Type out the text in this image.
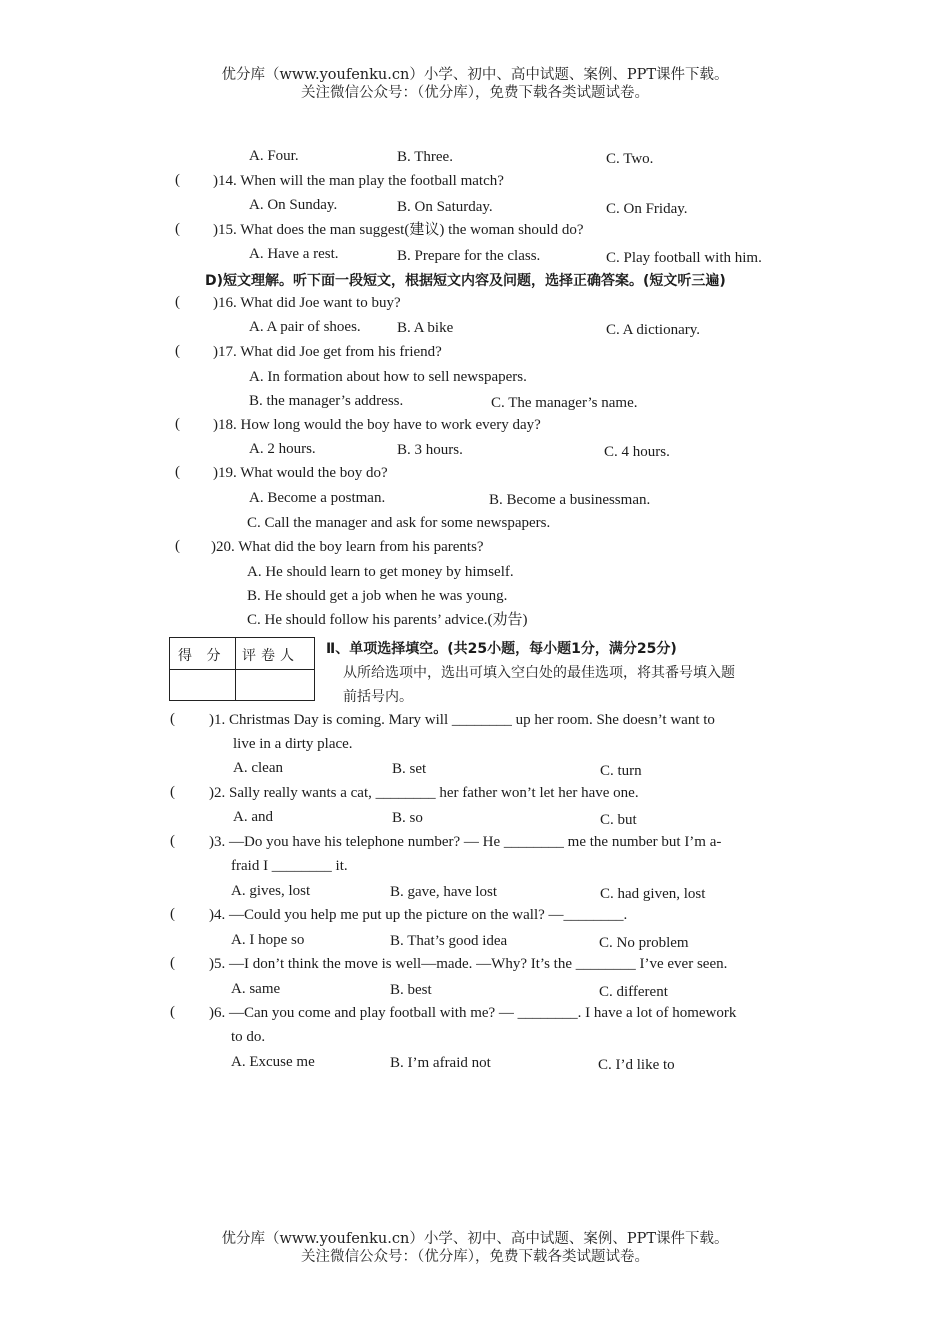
优分库（www.youfenku.cn）小学、初中、高中试题、案例、PPT课件下载。
关注微信公众号：（优分库），免费下载各类试题试卷。
A. Four.	B. Three.	C. Two.
( )14. When will the man play the football match?
A. On Sunday.	B. On Saturday.	C. On Friday.
( )15. What does the man suggest(建议) the woman should do?
A. Have a rest.	B. Prepare for the class.	C. Play football with him.
D)短文理解。听下面一段短文，根据短文内容及问题，选择正确答案。(短文听三遍)
( )16. What did Joe want to buy?
A. A pair of shoes. B. A bike	C. A dictionary.
( )17. What did Joe get from his friend?
A. In formation about how to sell newspapers.
B. the manager’s address.	C. The manager’s name.
( )18. How long would the boy have to work every day?
A. 2 hours.	B. 3 hours.	C. 4 hours.
( )19. What would the boy do?
A. Become a postman.	B. Become a businessman.
C. Call the manager and ask for some newspapers.
( )20. What did the boy learn from his parents?
A. He should learn to get money by himself.
B. He should get a job when he was young.
C. He should follow his parents’ advice.(劝告)
得 分 评卷人 Ⅱ、单项选择填空。(共25小题，每小题1分，满分25分)
从所给选项中，选出可填入空白处的最佳选项，将其番号填入题
前括号内。
( )1. Christmas Day is coming. Mary will ________ up her room. She doesn’t want to
live in a dirty place.
A. clean	B. set	C. turn
( )2. Sally really wants a cat, ________ her father won’t let her have one.
A. and	B. so	C. but
( )3. —Do you have his telephone number? — He ________ me the number but I’m a-
fraid I ________ it.
A. gives, lost	B. gave, have lost	C. had given, lost
( )4. —Could you help me put up the picture on the wall? —________.
A. I hope so	B. That’s good idea	C. No problem
( )5. —I don’t think the move is well—made. —Why? It’s the ________ I’ve ever seen.
A. same	B. best	C. different
( )6. —Can you come and play football with me? — ________. I have a lot of homework
to do.
A. Excuse me	B. I’m afraid not	C. I’d like to
优分库（www.youfenku.cn）小学、初中、高中试题、案例、PPT课件下载。
关注微信公众号：（优分库），免费下载各类试题试卷。
